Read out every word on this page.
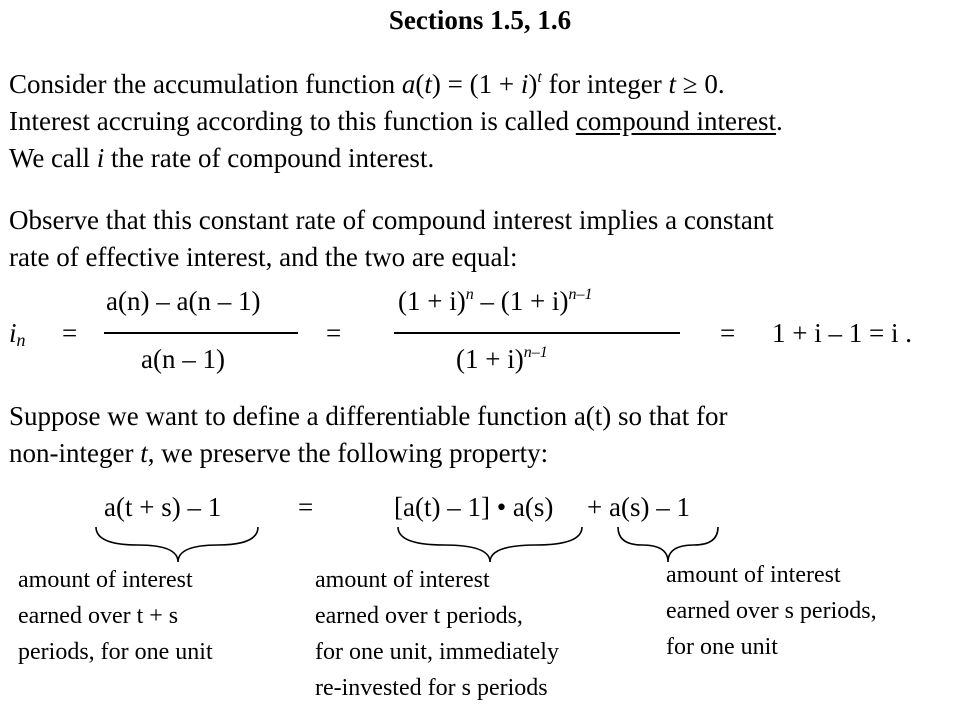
Sections 1.5, 1.6

Consider the accumulation function $a(t) = (1 + i)^t$ for integer t ≥ 0.

Interest accruing according to this function is called compound interest.

We call i the rate of compound interest.

Observe that this constant rate of compound interest implies a constant

rate of effective interest, and the two are equal:

$i_n$ =
a(n) – a(n – 1)
a(n – 1)
=
$(1 + i)^n - (1 + i)^{n-1}$
$(1 + i)^{n-1}$
= 1 + i – 1 = i .

Suppose we want to define a differentiable function a(t) so that for

non-integer t, we preserve the following property:

a(t + s) – 1	=	[a(t) – 1] • a(s) + a(s) – 1
amount of interest
earned over t + s
periods, for one unit
amount of interest
earned over t periods,
for one unit, immediately
re-invested for s periods
amount of interest
earned over s periods,
for one unit
